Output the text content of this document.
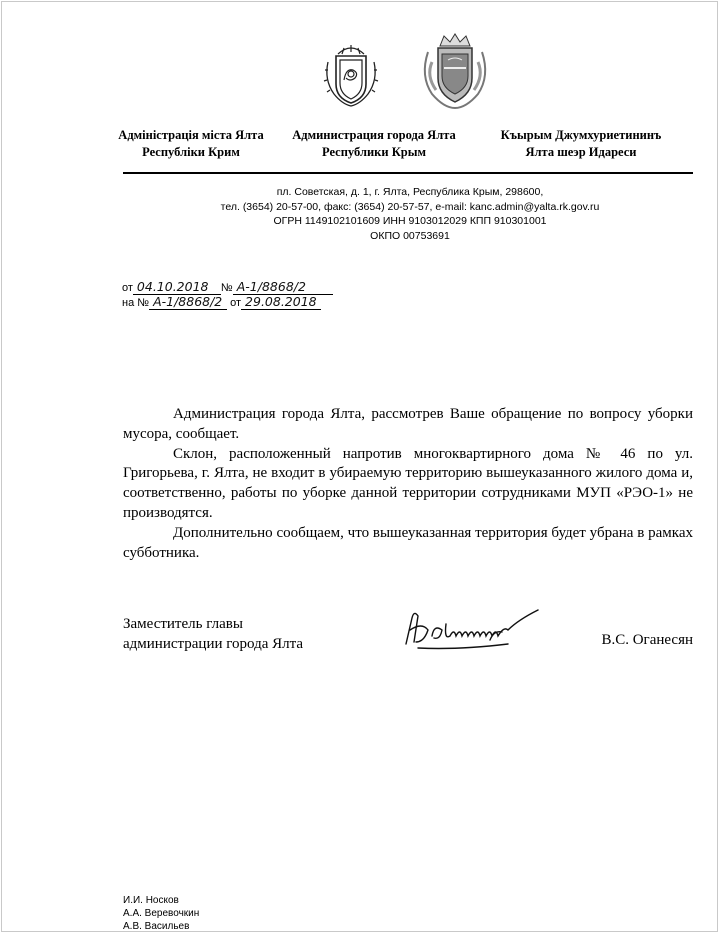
Адміністрація міста Ялта
Республіки Крим
Администрация города Ялта
Республики Крым
Къырым Джумхуриетининъ
Ялта шеэр Идареси
пл. Советская, д. 1, г. Ялта, Республика Крым, 298600,
тел. (3654) 20-57-00, факс: (3654) 20-57-57, e-mail: kanc.admin@yalta.rk.gov.ru
ОГРН 1149102101609 ИНН 9103012029 КПП 910301001
ОКПО 00753691
от 04.10.2018 № А-1/8868/2
на № А-1/8868/2 от 29.08.2018

Администрация города Ялта, рассмотрев Ваше обращение по вопросу уборки мусора, сообщает.

Склон, расположенный напротив многоквартирного дома № 46 по ул. Григорьева, г. Ялта, не входит в убираемую территорию вышеуказанного жилого дома и, соответственно, работы по уборке данной территории сотрудниками МУП «РЭО-1» не производятся.

Дополнительно сообщаем, что вышеуказанная территория будет убрана в рамках субботника.

Заместитель главы
администрации города Ялта	В.С. Оганесян
И.И. Носков
А.А. Веревочкин
А.В. Васильев
